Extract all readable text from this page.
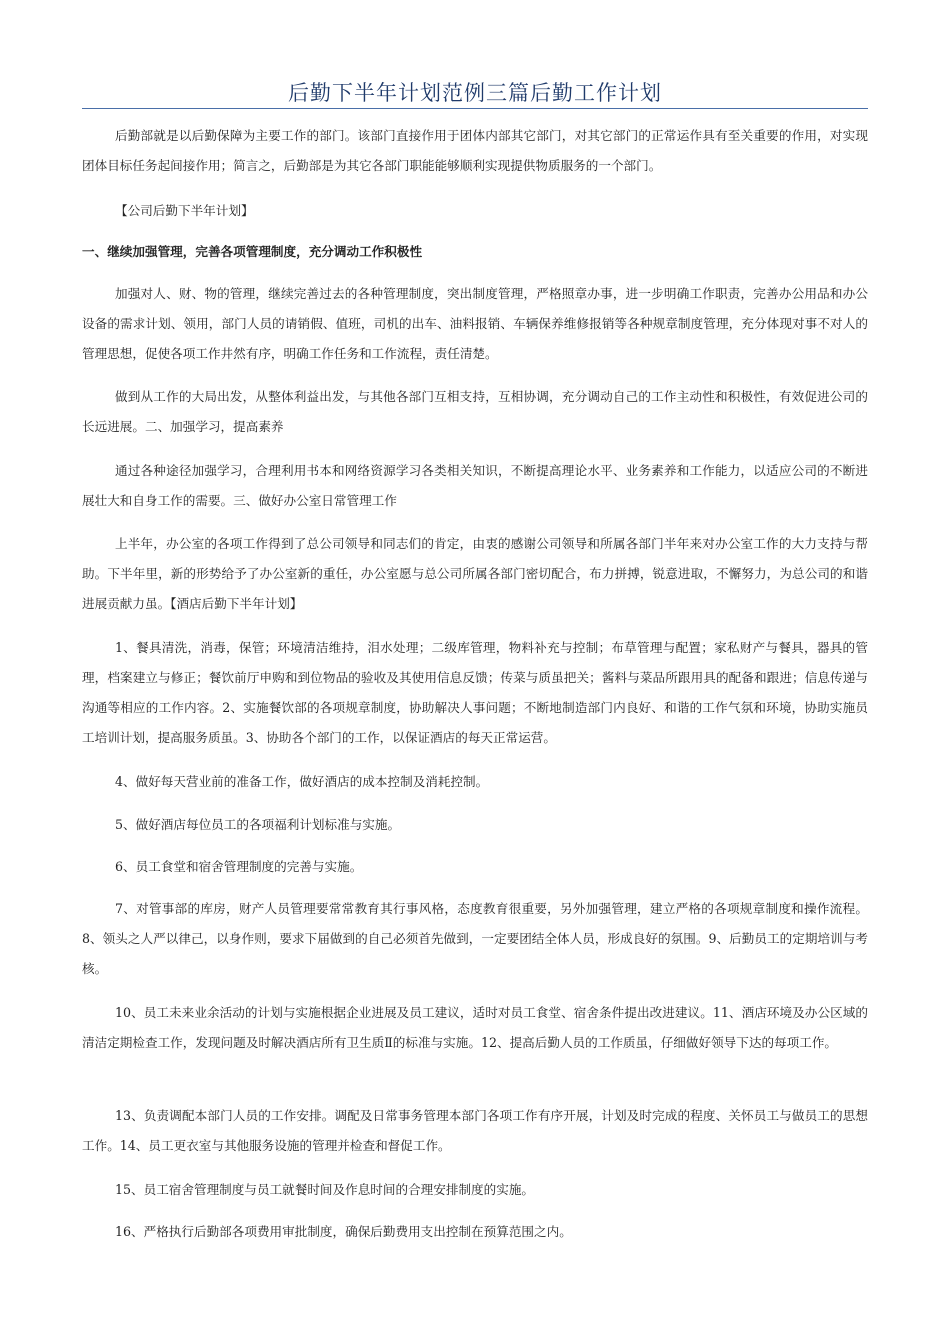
后勤下半年计划范例三篇后勤工作计划

后勤部就是以后勤保障为主要工作的部门。该部门直接作用于团体内部其它部门，对其它部门的正常运作具有至关重要的作用，对实现团体目标任务起间接作用；简言之，后勤部是为其它各部门职能能够顺利实现提供物质服务的一个部门。

【公司后勤下半年计划】

一、继续加强管理，完善各项管理制度，充分调动工作积极性

加强对人、财、物的管理，继续完善过去的各种管理制度，突出制度管理，严格照章办事，进一步明确工作职责，完善办公用品和办公设备的需求计划、领用，部门人员的请销假、值班，司机的出车、油料报销、车辆保养维修报销等各种规章制度管理，充分体现对事不对人的管理思想，促使各项工作井然有序，明确工作任务和工作流程，责任清楚。

做到从工作的大局出发，从整体利益出发，与其他各部门互相支持，互相协调，充分调动自己的工作主动性和积极性，有效促进公司的长远进展。二、加强学习，提高素养

通过各种途径加强学习，合理利用书本和网络资源学习各类相关知识，不断提高理论水平、业务素养和工作能力，以适应公司的不断进展壮大和自身工作的需要。三、做好办公室日常管理工作

上半年，办公室的各项工作得到了总公司领导和同志们的肯定，由衷的感谢公司领导和所属各部门半年来对办公室工作的大力支持与帮助。下半年里，新的形势给予了办公室新的重任，办公室愿与总公司所属各部门密切配合，布力拼搏，锐意进取，不懈努力，为总公司的和谐进展贡献力虽。【酒店后勤下半年计划】

1、餐具清洗，消毒，保管；环境清洁维持，泪水处理；二级库管理，物料补充与控制；布草管理与配置；家私财产与餐具，器具的管理，档案建立与修正；餐饮前厅申购和到位物品的验收及其使用信息反馈；传菜与质虽把关；酱料与菜品所跟用具的配备和跟进；信息传递与沟通等相应的工作内容。2、实施餐饮部的各项规章制度，协助解决人事问题；不断地制造部门内良好、和谐的工作气氛和环境，协助实施员工培训计划，提高服务质虽。3、协助各个部门的工作，以保证酒店的每天正常运营。

4、做好每天营业前的准备工作，做好酒店的成本控制及消耗控制。

5、做好酒店每位员工的各项福利计划标准与实施。

6、员工食堂和宿舍管理制度的完善与实施。

7、对管事部的库房，财产人员管理要常常教育其行事风格，态度教育很重要，另外加强管理，建立严格的各项规章制度和操作流程。8、领头之人严以律己，以身作则，要求下届做到的自己必须首先做到，一定要团结全体人员，形成良好的氛围。9、后勤员工的定期培训与考核。

10、员工未来业余活动的计划与实施根据企业进展及员工建议，适时对员工食堂、宿舍条件提出改进建议。11、酒店环境及办公区域的清洁定期检查工作，发现问题及时解决酒店所有卫生质Ⅱ的标准与实施。12、提高后勤人员的工作质虽，仔细做好领导下达的每项工作。

13、负责调配本部门人员的工作安排。调配及日常事务管理本部门各项工作有序开展，计划及时完成的程度、关怀员工与做员工的思想工作。14、员工更衣室与其他服务设施的管理并检查和督促工作。

15、员工宿舍管理制度与员工就餐时间及作息时间的合理安排制度的实施。

16、严格执行后勤部各项费用审批制度，确保后勤费用支出控制在预算范围之内。
